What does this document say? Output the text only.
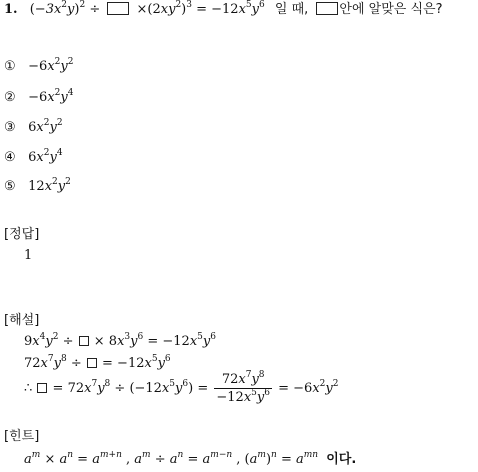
1. $(-3x^2y)^2 \div \times(2xy^2)^3 = -12x^5y^6$ 일 때, 안에 알맞은 식은?
① $-6x^2y^2$
② $-6x^2y^4$
③ $6x^2y^2$
④ $6x^2y^4$
⑤ $12x^2y^2$
[정답]
1
[해설]
$9x^4y^2$ ÷  × $8x^3y^6 = -12x^5y^6$
$72x^7y^8$ ÷  = $-12x^5y^6$
∴  = $72x^7y^8 \div (-12x^5y^6) = \frac{72x^7y^8}{-12x^5y^6} = -6x^2y^2$
[힌트]
$a^m \times a^n = a^{m+n}$ , $a^m \div a^n = a^{m-n}$ , $(a^m)^n = a^{mn}$ 이다.
